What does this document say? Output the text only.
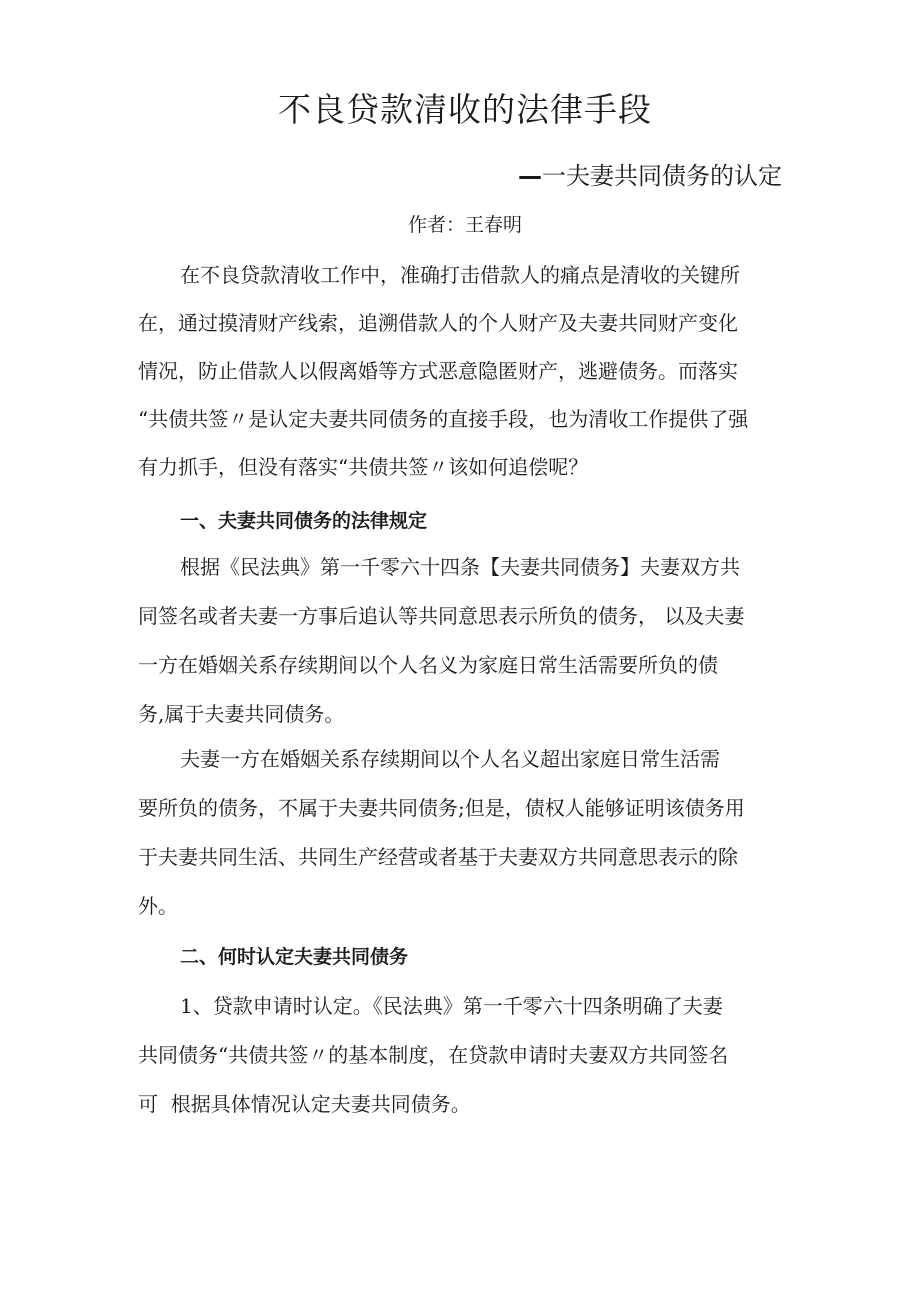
不良贷款清收的法律手段
—一夫妻共同债务的认定
作者：王春明
在不良贷款清收工作中，准确打击借款人的痛点是清收的关键所
在，通过摸清财产线索，追溯借款人的个人财产及夫妻共同财产变化
情况，防止借款人以假离婚等方式恶意隐匿财产，逃避债务。而落实
“共债共签〃是认定夫妻共同债务的直接手段，也为清收工作提供了强
有力抓手，但没有落实“共债共签〃该如何追偿呢？
一、夫妻共同债务的法律规定
根据《民法典》第一千零六十四条【夫妻共同债务】夫妻双方共
同签名或者夫妻一方事后追认等共同意思表示所负的债务， 以及夫妻
一方在婚姻关系存续期间以个人名义为家庭日常生活需要所负的债
务,属于夫妻共同债务。
夫妻一方在婚姻关系存续期间以个人名义超出家庭日常生活需
要所负的债务，不属于夫妻共同债务;但是，债权人能够证明该债务用
于夫妻共同生活、共同生产经营或者基于夫妻双方共同意思表示的除
外。
二、何时认定夫妻共同债务
1、贷款申请时认定。《民法典》第一千零六十四条明确了夫妻
共同债务“共债共签〃的基本制度，在贷款申请时夫妻双方共同签名
可  根据具体情况认定夫妻共同债务。
